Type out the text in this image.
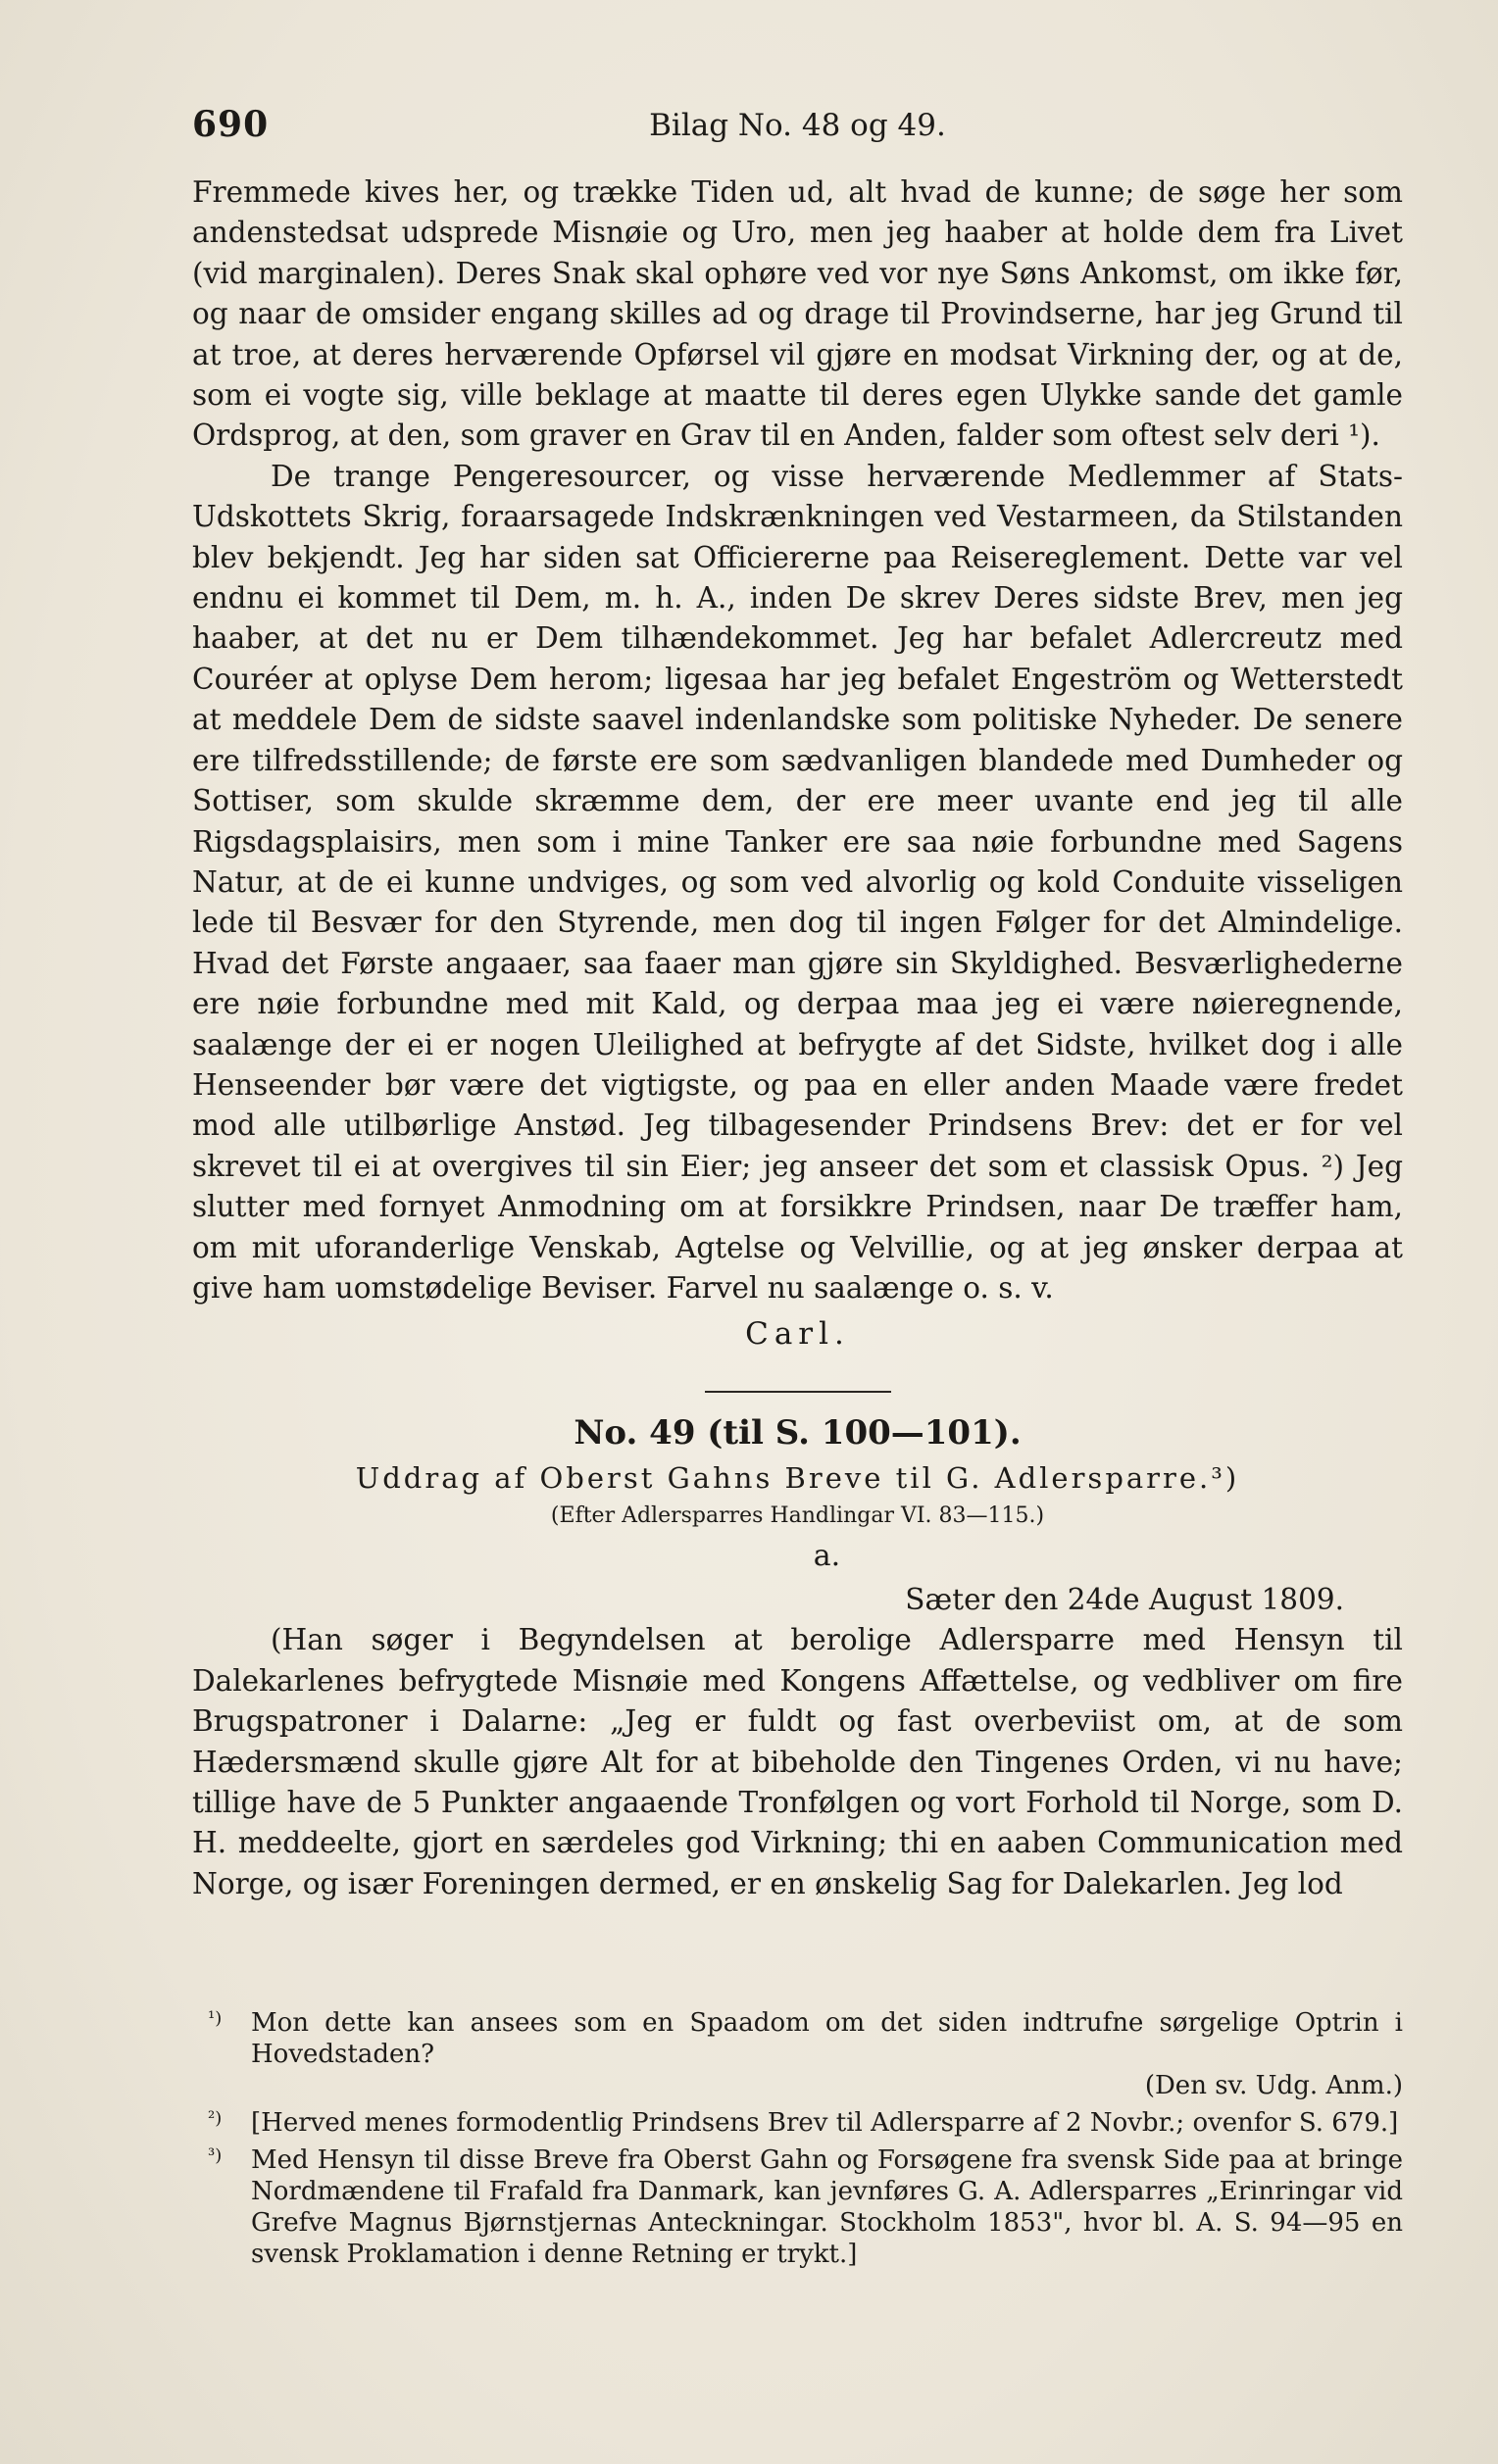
690	Bilag No. 48 og 49.

Fremmede kives her, og trække Tiden ud, alt hvad de kunne; de søge her som andenstedsat udsprede Misnøie og Uro, men jeg haaber at holde dem fra Livet (vid marginalen). Deres Snak skal ophøre ved vor nye Søns Ankomst, om ikke før, og naar de omsider engang skilles ad og drage til Provindserne, har jeg Grund til at troe, at deres herværende Opførsel vil gjøre en modsat Virkning der, og at de, som ei vogte sig, ville beklage at maatte til deres egen Ulykke sande det gamle Ordsprog, at den, som graver en Grav til en Anden, falder som oftest selv deri ¹).

De trange Pengeresourcer, og visse herværende Medlemmer af Stats-Udskottets Skrig, foraarsagede Indskrænkningen ved Vestarmeen, da Stilstanden blev bekjendt. Jeg har siden sat Officiererne paa Reisereglement. Dette var vel endnu ei kommet til Dem, m. h. A., inden De skrev Deres sidste Brev, men jeg haaber, at det nu er Dem tilhændekommet. Jeg har befalet Adlercreutz med Couréer at oplyse Dem herom; ligesaa har jeg befalet Engeström og Wetterstedt at meddele Dem de sidste saavel indenlandske som politiske Nyheder. De senere ere tilfredsstillende; de første ere som sædvanligen blandede med Dumheder og Sottiser, som skulde skræmme dem, der ere meer uvante end jeg til alle Rigsdagsplaisirs, men som i mine Tanker ere saa nøie forbundne med Sagens Natur, at de ei kunne undviges, og som ved alvorlig og kold Conduite visseligen lede til Besvær for den Styrende, men dog til ingen Følger for det Almindelige. Hvad det Første angaaer, saa faaer man gjøre sin Skyldighed. Besværlighederne ere nøie forbundne med mit Kald, og derpaa maa jeg ei være nøieregnende, saalænge der ei er nogen Uleilighed at befrygte af det Sidste, hvilket dog i alle Henseender bør være det vigtigste, og paa en eller anden Maade være fredet mod alle utilbørlige Anstød. Jeg tilbagesender Prindsens Brev: det er for vel skrevet til ei at overgives til sin Eier; jeg anseer det som et classisk Opus. ²) Jeg slutter med fornyet Anmodning om at forsikkre Prindsen, naar De træffer ham, om mit uforanderlige Venskab, Agtelse og Velvillie, og at jeg ønsker derpaa at give ham uomstødelige Beviser. Farvel nu saalænge o. s. v.

Carl.
No. 49 (til S. 100—101).
Uddrag af Oberst Gahns Breve til G. Adlersparre.³)
(Efter Adlersparres Handlingar VI. 83—115.)
a.
Sæter den 24de August 1809.

(Han søger i Begyndelsen at berolige Adlersparre med Hensyn til Dalekarlenes befrygtede Misnøie med Kongens Affættelse, og vedbliver om fire Brugspatroner i Dalarne: „Jeg er fuldt og fast overbeviist om, at de som Hædersmænd skulle gjøre Alt for at bibeholde den Tingenes Orden, vi nu have; tillige have de 5 Punkter angaaende Tronfølgen og vort Forhold til Norge, som D. H. meddeelte, gjort en særdeles god Virkning; thi en aaben Communication med Norge, og især Foreningen dermed, er en ønskelig Sag for Dalekarlen. Jeg lod

¹) Mon dette kan ansees som en Spaadom om det siden indtrufne sørgelige Optrin i Hovedstaden?
(Den sv. Udg. Anm.)
²) [Herved menes formodentlig Prindsens Brev til Adlersparre af 2 Novbr.; ovenfor S. 679.]
³) Med Hensyn til disse Breve fra Oberst Gahn og Forsøgene fra svensk Side paa at bringe Nordmændene til Frafald fra Danmark, kan jevnføres G. A. Adlersparres „Erinringar vid Grefve Magnus Bjørnstjernas Anteckningar. Stockholm 1853", hvor bl. A. S. 94—95 en svensk Proklamation i denne Retning er trykt.]
